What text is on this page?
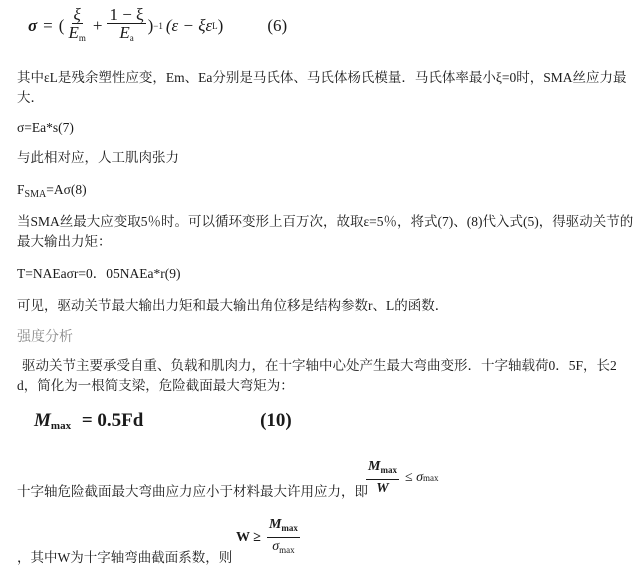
σ = ( $\frac{\xi}{E_m} + \frac{1 - \xi}{E_a}$ ) −1 (ε − ξε L )	(6)
其中εL是残余塑性应变，Em、Ea分别是马氏体、马氏体杨氏模量．马氏体率最小ξ=0时，SMA丝应力最
大．
σ=Ea*s(7)
与此相对应，人工肌肉张力
$F_{SMA}=A\sigma(8)$
当SMA丝最大应变取5％时。可以循环变形上百万次，故取ε=5％，将式(7)、(8)代入式(5)，得驱动关节的
最大输出力矩：
T=NAEaσr=0．05NAEa*r(9)
可见，驱动关节最大输出力矩和最大输出角位移是结构参数r、L的函数．
强度分析
驱动关节主要承受自重、负载和肌肉力，在十字轴中心处产生最大弯曲变形．十字轴载荷0．5F，长2
d，简化为一根简支梁，危险截面最大弯矩为：
$M_{max} = 0.5Fd$	(10)
$\frac{M_{max}}{W} \le \sigma$ max
十字轴危险截面最大弯曲应力应小于材料最大许用应力，即
$W \ge \frac{M_{max}}{\sigma_{max}}$
，其中W为十字轴弯曲截面系数，则
